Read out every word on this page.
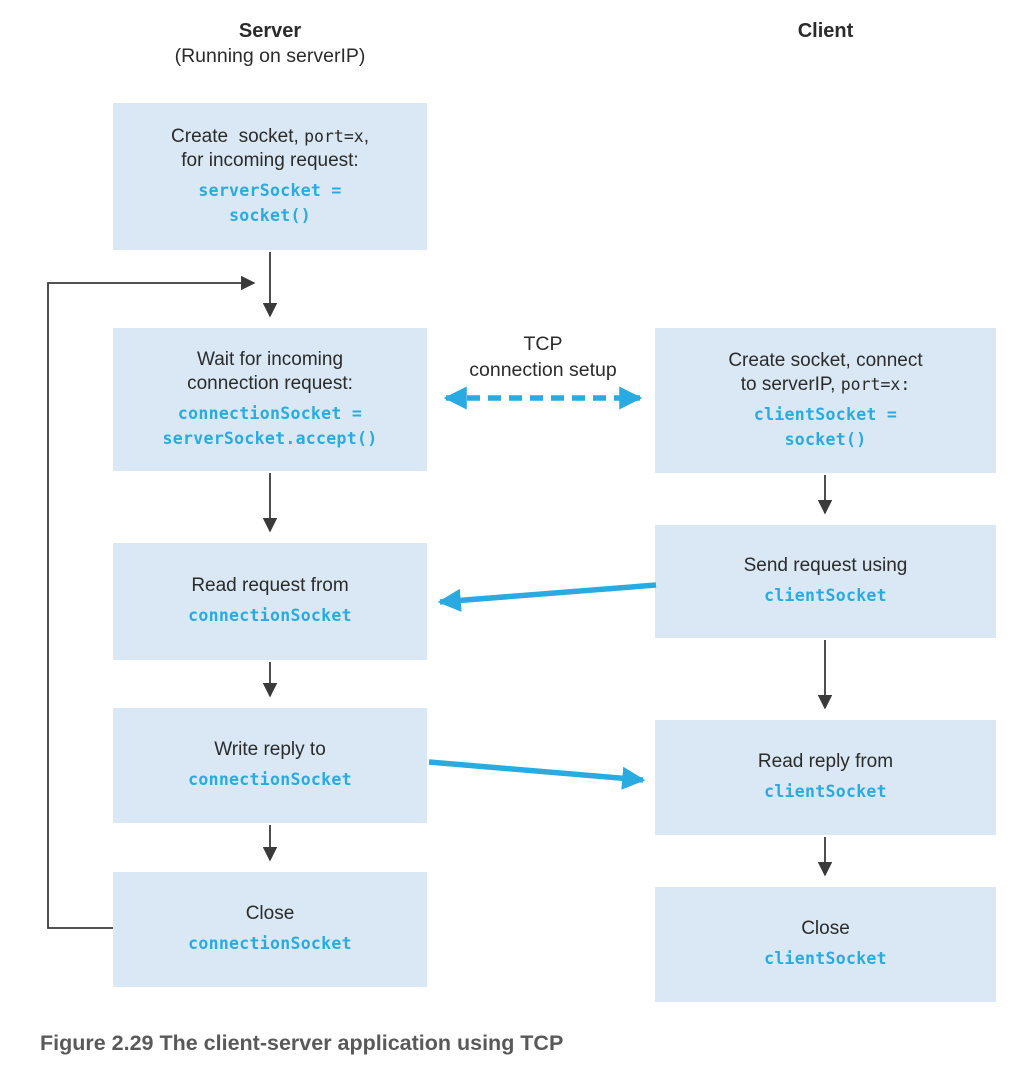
Server
(Running on serverIP)
Client
Create  socket, port=x,
for incoming request:
serverSocket =
socket()
Wait for incoming
connection request:
connectionSocket =
serverSocket.accept()
Read request from
connectionSocket
Write reply to
connectionSocket
Close
connectionSocket
Create socket, connect
to serverIP, port=x:
clientSocket =
socket()
Send request using
clientSocket
Read reply from
clientSocket
Close
clientSocket
TCP
connection setup
Figure 2.29 The client-server application using TCP
